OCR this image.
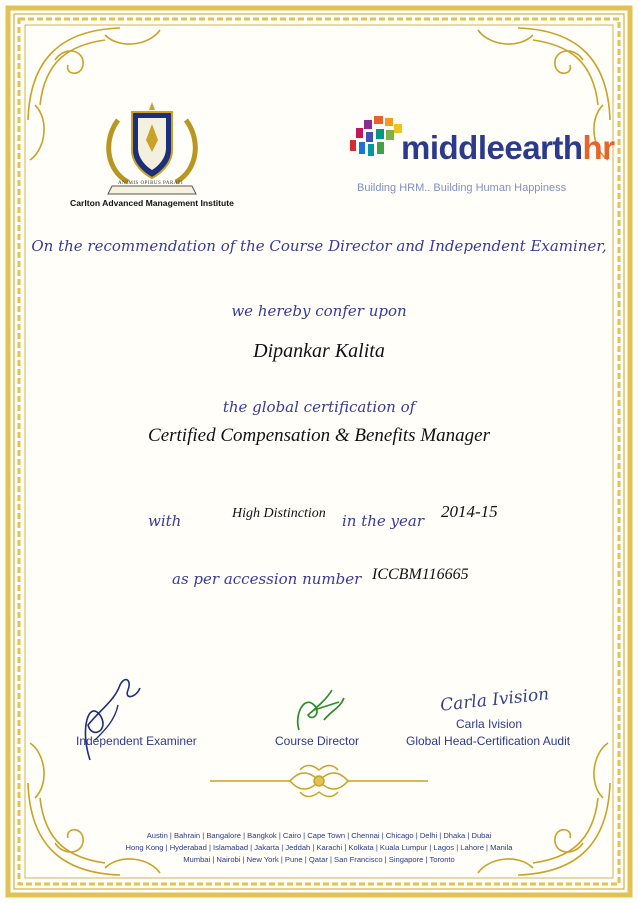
ANIMIS OPIBUS PARATI
Carlton Advanced Management Institute
middleearthhr
Building HRM.. Building Human Happiness
On the recommendation of the Course Director and Independent Examiner,
we hereby confer upon
Dipankar Kalita
the global certification of
Certified Compensation & Benefits Manager
with	High Distinction in the year 2014-15
as per accession number ICCBM116665
Independent Examiner	Course Director
Carla Ivision
Carla Ivision
Global Head-Certification Audit
Austin | Bahrain | Bangalore | Bangkok | Cairo | Cape Town | Chennai | Chicago | Delhi | Dhaka | Dubai
Hong Kong | Hyderabad | Islamabad | Jakarta | Jeddah | Karachi | Kolkata | Kuala Lumpur | Lagos | Lahore | Manila
Mumbai | Nairobi | New York | Pune | Qatar | San Francisco | Singapore | Toronto
